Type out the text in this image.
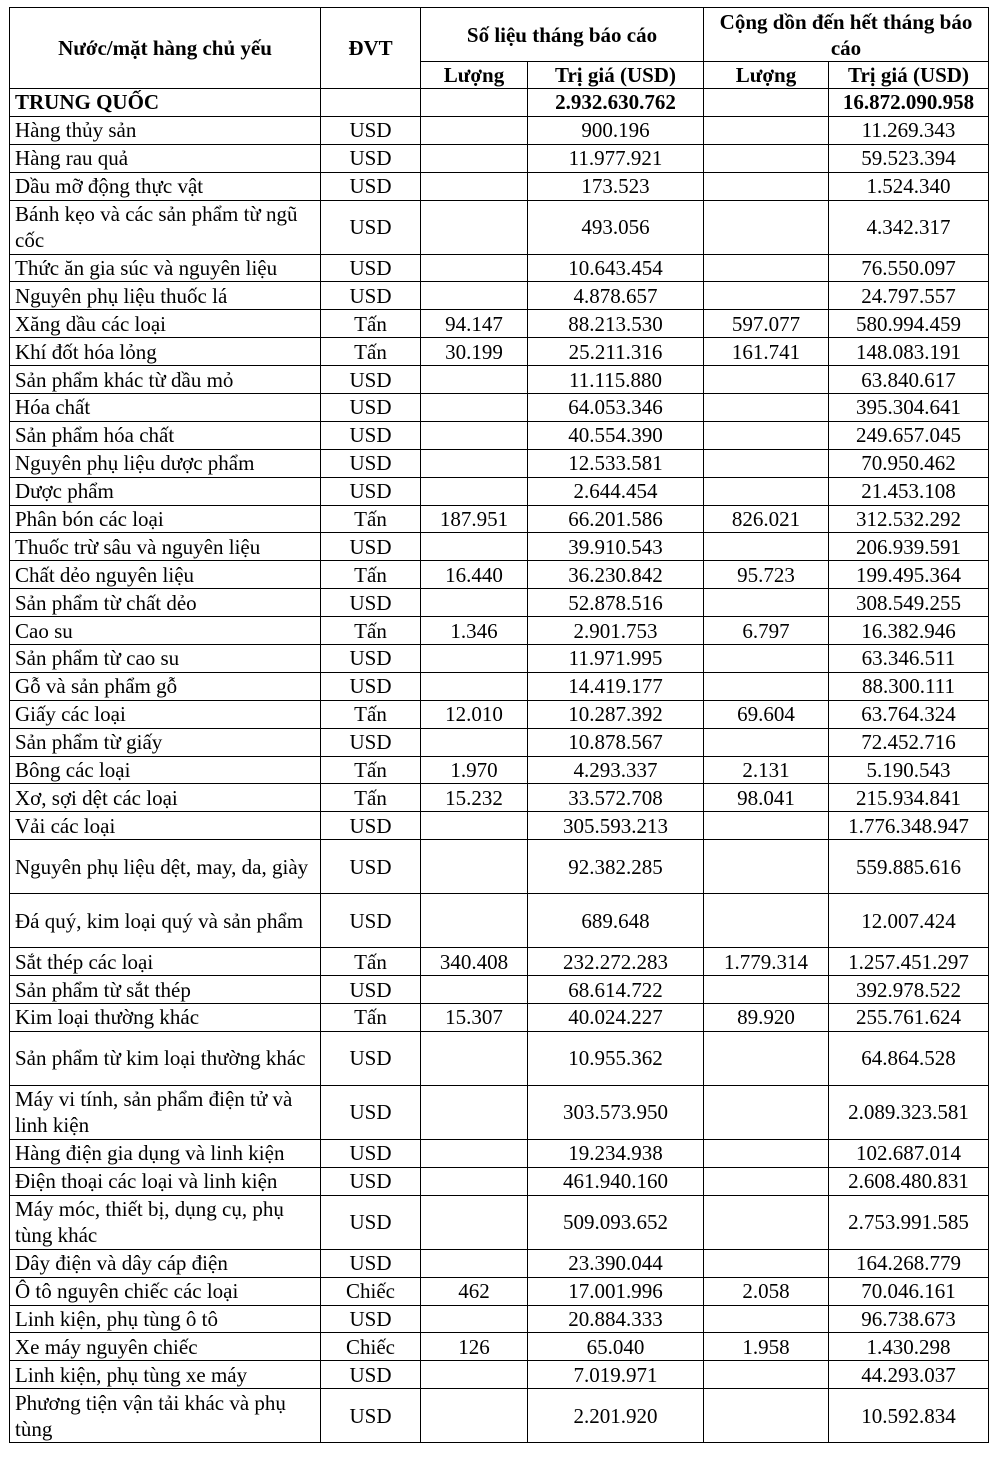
Nước/mặt hàng chủ yếu	ĐVT	Số liệu tháng báo cáo		Cộng dồn đến hết tháng báo cáo	
		Lượng	Trị giá (USD)	Lượng	Trị giá (USD)
TRUNG QUỐC			2.932.630.762		16.872.090.958
Hàng thủy sản	USD		900.196		11.269.343
Hàng rau quả	USD		11.977.921		59.523.394
Dầu mỡ động thực vật	USD		173.523		1.524.340
Bánh kẹo và các sản phẩm từ ngũ cốc	USD		493.056		4.342.317
Thức ăn gia súc và nguyên liệu	USD		10.643.454		76.550.097
Nguyên phụ liệu thuốc lá	USD		4.878.657		24.797.557
Xăng dầu các loại	Tấn	94.147	88.213.530	597.077	580.994.459
Khí đốt hóa lỏng	Tấn	30.199	25.211.316	161.741	148.083.191
Sản phẩm khác từ dầu mỏ	USD		11.115.880		63.840.617
Hóa chất	USD		64.053.346		395.304.641
Sản phẩm hóa chất	USD		40.554.390		249.657.045
Nguyên phụ liệu dược phẩm	USD		12.533.581		70.950.462
Dược phẩm	USD		2.644.454		21.453.108
Phân bón các loại	Tấn	187.951	66.201.586	826.021	312.532.292
Thuốc trừ sâu và nguyên liệu	USD		39.910.543		206.939.591
Chất dẻo nguyên liệu	Tấn	16.440	36.230.842	95.723	199.495.364
Sản phẩm từ chất dẻo	USD		52.878.516		308.549.255
Cao su	Tấn	1.346	2.901.753	6.797	16.382.946
Sản phẩm từ cao su	USD		11.971.995		63.346.511
Gỗ và sản phẩm gỗ	USD		14.419.177		88.300.111
Giấy các loại	Tấn	12.010	10.287.392	69.604	63.764.324
Sản phẩm từ giấy	USD		10.878.567		72.452.716
Bông các loại	Tấn	1.970	4.293.337	2.131	5.190.543
Xơ, sợi dệt các loại	Tấn	15.232	33.572.708	98.041	215.934.841
Vải các loại	USD		305.593.213		1.776.348.947
Nguyên phụ liệu dệt, may, da, giày	USD		92.382.285		559.885.616
Đá quý, kim loại quý và sản phẩm	USD		689.648		12.007.424
Sắt thép các loại	Tấn	340.408	232.272.283	1.779.314	1.257.451.297
Sản phẩm từ sắt thép	USD		68.614.722		392.978.522
Kim loại thường khác	Tấn	15.307	40.024.227	89.920	255.761.624
Sản phẩm từ kim loại thường khác	USD		10.955.362		64.864.528
Máy vi tính, sản phẩm điện tử và linh kiện	USD		303.573.950		2.089.323.581
Hàng điện gia dụng và linh kiện	USD		19.234.938		102.687.014
Điện thoại các loại và linh kiện	USD		461.940.160		2.608.480.831
Máy móc, thiết bị, dụng cụ, phụ tùng khác	USD		509.093.652		2.753.991.585
Dây điện và dây cáp điện	USD		23.390.044		164.268.779
Ô tô nguyên chiếc các loại	Chiếc	462	17.001.996	2.058	70.046.161
Linh kiện, phụ tùng ô tô	USD		20.884.333		96.738.673
Xe máy nguyên chiếc	Chiếc	126	65.040	1.958	1.430.298
Linh kiện, phụ tùng xe máy	USD		7.019.971		44.293.037
Phương tiện vận tải khác và phụ tùng	USD		2.201.920		10.592.834
